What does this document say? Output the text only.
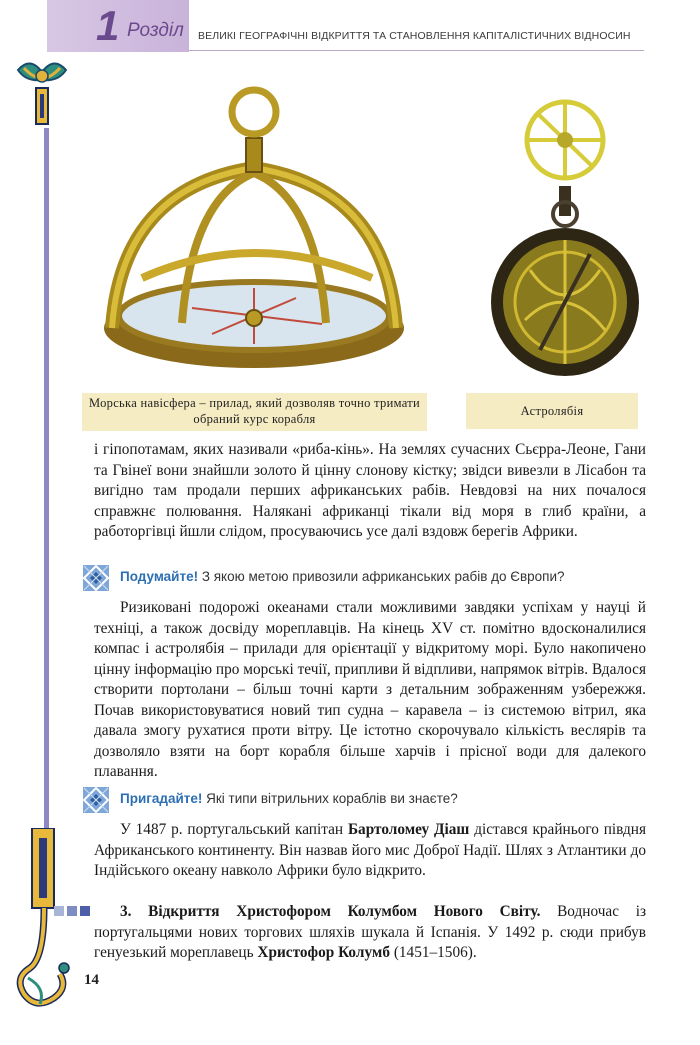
1 Розділ ВЕЛИКІ ГЕОГРАФІЧНІ ВІДКРИТТЯ ТА СТАНОВЛЕННЯ КАПІТАЛІСТИЧНИХ ВІДНОСИН
Морська навісфера – прилад, який дозволяв точно тримати обраний курс корабля
Астролябія

і гіпопотамам, яких називали «риба-кінь». На землях сучасних Сьєрра-Леоне, Гани та Гвінеї вони знайшли золото й цінну слонову кістку; звідси вивезли в Лісабон та вигідно там продали перших африканських рабів. Невдовзі на них почалося справжнє полювання. Налякані африканці тікали від моря в глиб країни, а работоргівці йшли слідом, просуваючись усе далі вздовж берегів Африки.

Подумайте! З якою метою привозили африканських рабів до Європи?

Ризиковані подорожі океанами стали можливими завдяки успіхам у науці й техніці, а також досвіду мореплавців. На кінець XV ст. помітно вдосконалилися компас і астролябія – прилади для орієнтації у відкритому морі. Було накопичено цінну інформацію про морські течії, припливи й відпливи, напрямок вітрів. Вдалося створити портолани – більш точні карти з детальним зображенням узбережжя. Почав використовуватися новий тип судна – каравела – із системою вітрил, яка давала змогу рухатися проти вітру. Це істотно скорочувало кількість веслярів та дозволяло взяти на борт корабля більше харчів і прісної води для далекого плавання.

Пригадайте! Які типи вітрильних кораблів ви знаєте?

У 1487 р. португальський капітан Бартоломеу Діаш дістався крайнього півдня Африканського континенту. Він назвав його мис Доброї Надії. Шлях з Атлантики до Індійського океану навколо Африки було відкрито.

3. Відкриття Христофором Колумбом Нового Світу. Водночас із португальцями нових торгових шляхів шукала й Іспанія. У 1492 р. сюди прибув генуезький мореплавець Христофор Колумб (1451–1506).

14
